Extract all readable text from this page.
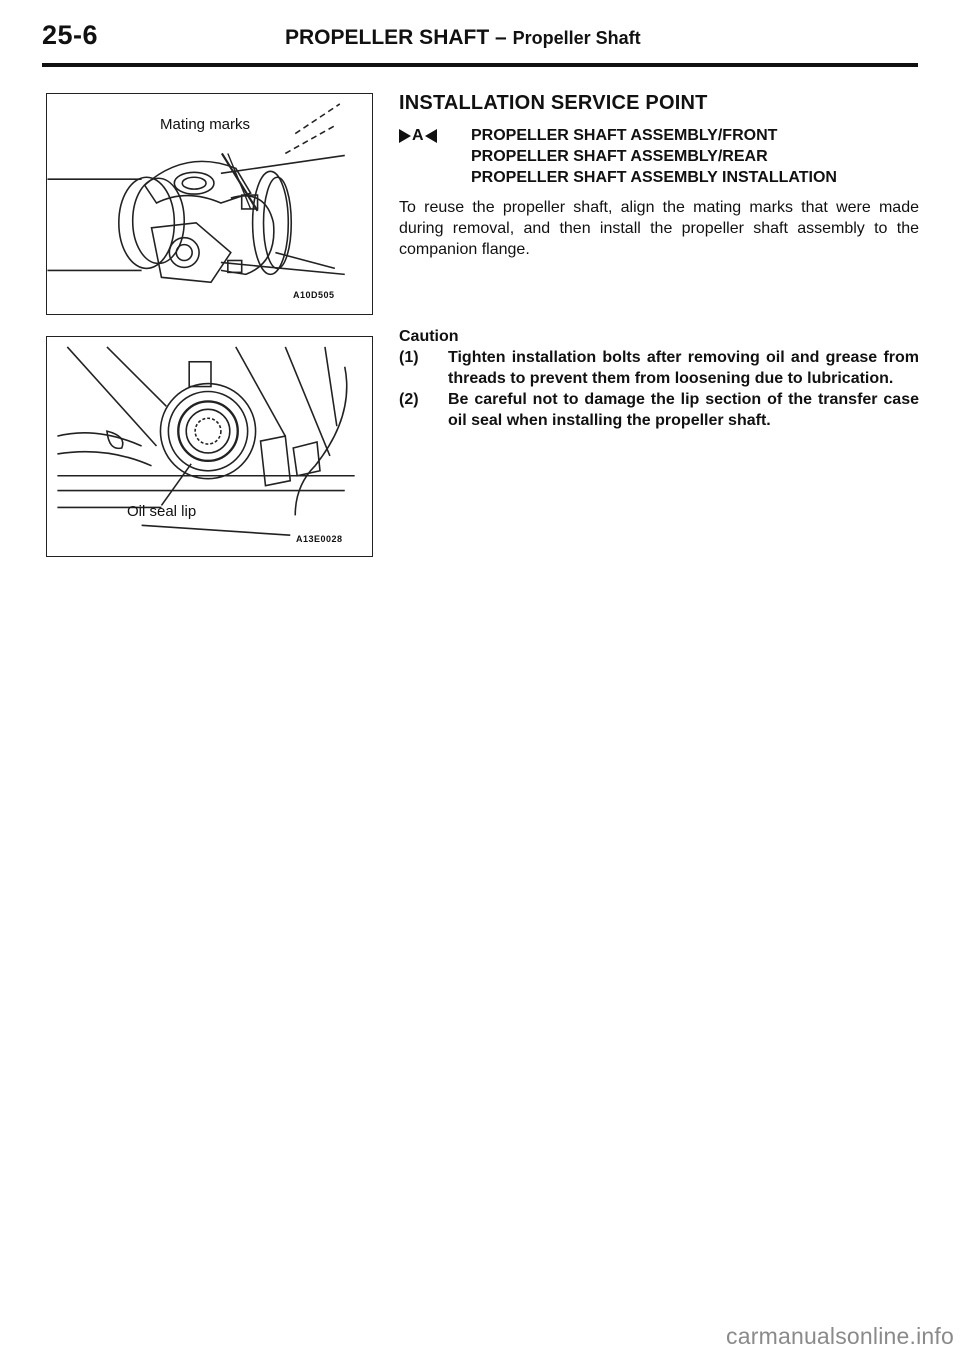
25-6	PROPELLER SHAFT – Propeller Shaft
Mating marks
A10D505
Oil seal lip
A13E0028
INSTALLATION SERVICE POINT
A	PROPELLER SHAFT ASSEMBLY/FRONT
PROPELLER SHAFT ASSEMBLY/REAR
PROPELLER SHAFT ASSEMBLY INSTALLATION
To reuse the propeller shaft, align the mating marks that were made during removal, and then install the propeller shaft assembly to the companion flange.
Caution
(1) Tighten installation bolts after removing oil and grease from threads to prevent them from loosening due to lubrication.
(2) Be careful not to damage the lip section of the transfer case oil seal when installing the propeller shaft.
carmanualsonline.info
